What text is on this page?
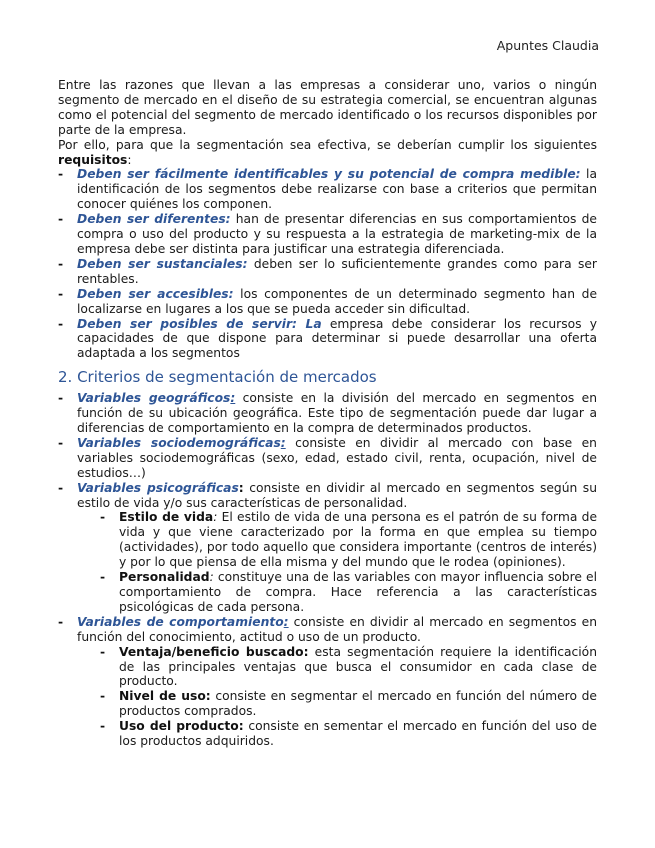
Apuntes Claudia

Entre las razones que llevan a las empresas a considerar uno, varios o ningún segmento de mercado en el diseño de su estrategia comercial, se encuentran algunas como el potencial del segmento de mercado identificado o los recursos disponibles por parte de la empresa.

Por ello, para que la segmentación sea efectiva, se deberían cumplir los siguientes requisitos:

- Deben ser fácilmente identificables y su potencial de compra medible: la identificación de los segmentos debe realizarse con base a criterios que permitan conocer quiénes los componen.
- Deben ser diferentes: han de presentar diferencias en sus comportamientos de compra o uso del producto y su respuesta a la estrategia de marketing-mix de la empresa debe ser distinta para justificar una estrategia diferenciada.
- Deben ser sustanciales: deben ser lo suficientemente grandes como para ser rentables.
- Deben ser accesibles: los componentes de un determinado segmento han de localizarse en lugares a los que se pueda acceder sin dificultad.
- Deben ser posibles de servir: La empresa debe considerar los recursos y capacidades de que dispone para determinar si puede desarrollar una oferta adaptada a los segmentos
2. Criterios de segmentación de mercados
- Variables geográficos: consiste en la división del mercado en segmentos en función de su ubicación geográfica. Este tipo de segmentación puede dar lugar a diferencias de comportamiento en la compra de determinados productos.
- Variables sociodemográficas: consiste en dividir al mercado con base en variables sociodemográficas (sexo, edad, estado civil, renta, ocupación, nivel de estudios…)
- Variables psicográficas: consiste en dividir al mercado en segmentos según su estilo de vida y/o sus características de personalidad.
- Estilo de vida: El estilo de vida de una persona es el patrón de su forma de vida y que viene caracterizado por la forma en que emplea su tiempo (actividades), por todo aquello que considera importante (centros de interés) y por lo que piensa de ella misma y del mundo que le rodea (opiniones).
- Personalidad: constituye una de las variables con mayor influencia sobre el comportamiento de compra. Hace referencia a las características psicológicas de cada persona.
- Variables de comportamiento: consiste en dividir al mercado en segmentos en función del conocimiento, actitud o uso de un producto.
- Ventaja/beneficio buscado: esta segmentación requiere la identificación de las principales ventajas que busca el consumidor en cada clase de producto.
- Nivel de uso: consiste en segmentar el mercado en función del número de productos comprados.
- Uso del producto: consiste en sementar el mercado en función del uso de los productos adquiridos.
